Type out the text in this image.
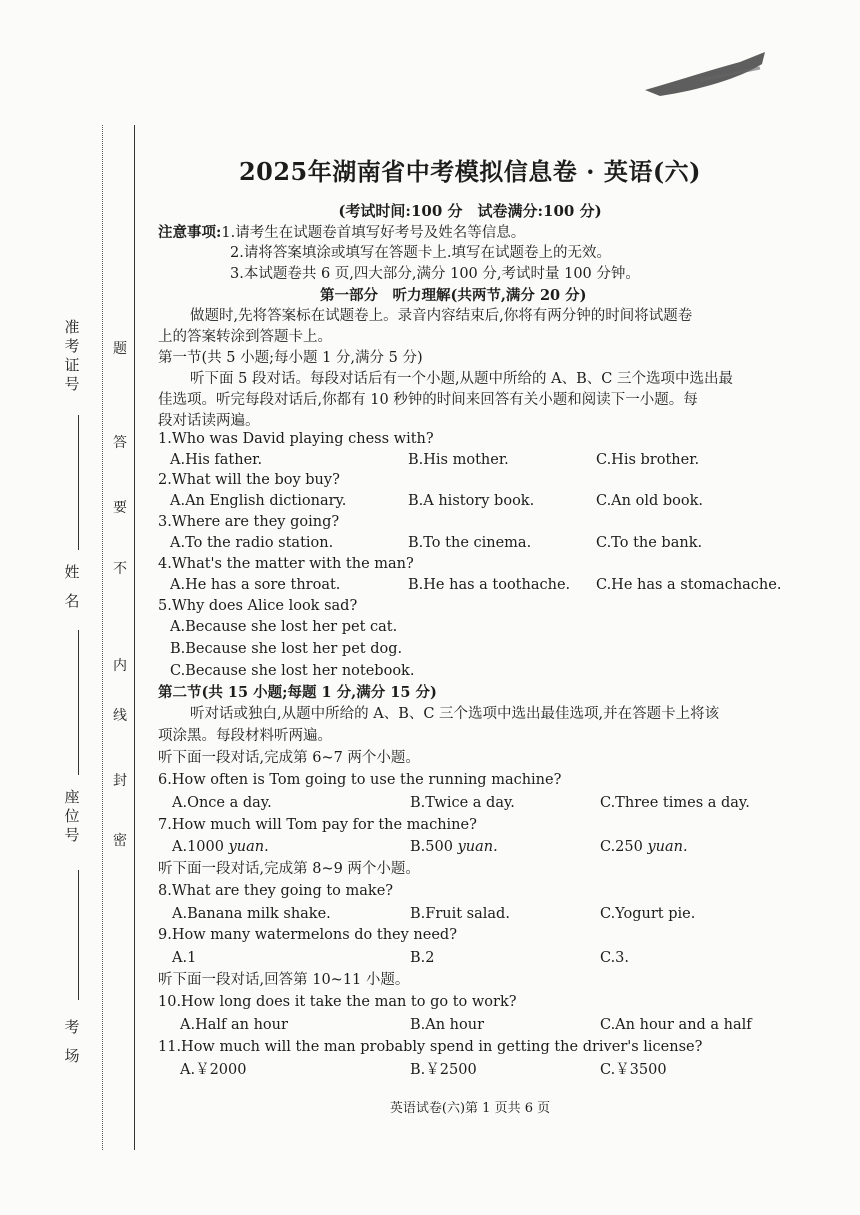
准
考
证
号
姓
名
座
位
号
考
场
题
答
要
不
内
线
封
密
2025年湖南省中考模拟信息卷 · 英语(六)
(考试时间:100 分　试卷满分:100 分)
注意事项:1.请考生在试题卷首填写好考号及姓名等信息。
2.请将答案填涂或填写在答题卡上.填写在试题卷上的无效。
3.本试题卷共 6 页,四大部分,满分 100 分,考试时量 100 分钟。
第一部分　听力理解(共两节,满分 20 分)
做题时,先将答案标在试题卷上。录音内容结束后,你将有两分钟的时间将试题卷
上的答案转涂到答题卡上。
第一节(共 5 小题;每小题 1 分,满分 5 分)
听下面 5 段对话。每段对话后有一个小题,从题中所给的 A、B、C 三个选项中选出最
佳选项。听完每段对话后,你都有 10 秒钟的时间来回答有关小题和阅读下一小题。每
段对话读两遍。
1.Who was David playing chess with?
A.His father.	B.His mother.	C.His brother.
2.What will the boy buy?
A.An English dictionary.	B.A history book.	C.An old book.
3.Where are they going?
A.To the radio station.	B.To the cinema.	C.To the bank.
4.What's the matter with the man?
A.He has a sore throat.	B.He has a toothache. C.He has a stomachache.
5.Why does Alice look sad?
A.Because she lost her pet cat.
B.Because she lost her pet dog.
C.Because she lost her notebook.
第二节(共 15 小题;每题 1 分,满分 15 分)
听对话或独白,从题中所给的 A、B、C 三个选项中选出最佳选项,并在答题卡上将该
项涂黑。每段材料听两遍。
听下面一段对话,完成第 6~7 两个小题。
6.How often is Tom going to use the running machine?
A.Once a day.	B.Twice a day.	C.Three times a day.
7.How much will Tom pay for the machine?
A.1000 yuan.	B.500 yuan.	C.250 yuan.
听下面一段对话,完成第 8~9 两个小题。
8.What are they going to make?
A.Banana milk shake.	B.Fruit salad.	C.Yogurt pie.
9.How many watermelons do they need?
A.1	B.2	C.3.
听下面一段对话,回答第 10~11 小题。
10.How long does it take the man to go to work?
A.Half an hour	B.An hour	C.An hour and a half
11.How much will the man probably spend in getting the driver's license?
A.￥2000	B.￥2500	C.￥3500
英语试卷(六)第 1 页共 6 页
